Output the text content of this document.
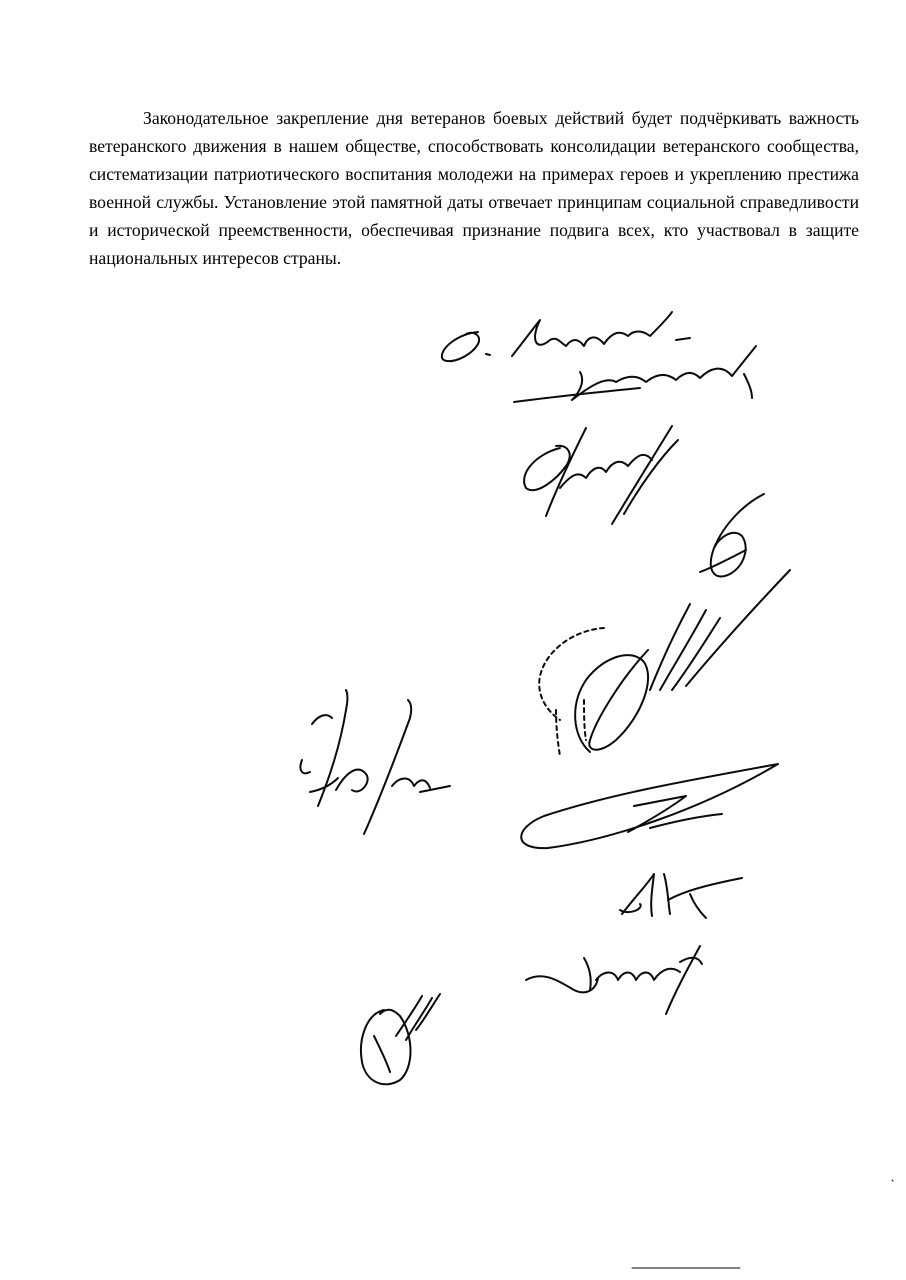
Законодательное закрепление дня ветеранов боевых действий будет подчёркивать важность ветеранского движения в нашем обществе, способствовать консолидации ветеранского сообщества, систематизации патриотического воспитания молодежи на примерах героев и укреплению престижа военной службы. Установление этой памятной даты отвечает принципам социальной справедливости и исторической преемственности, обеспечивая признание подвига всех, кто участвовал в защите национальных интересов страны.
